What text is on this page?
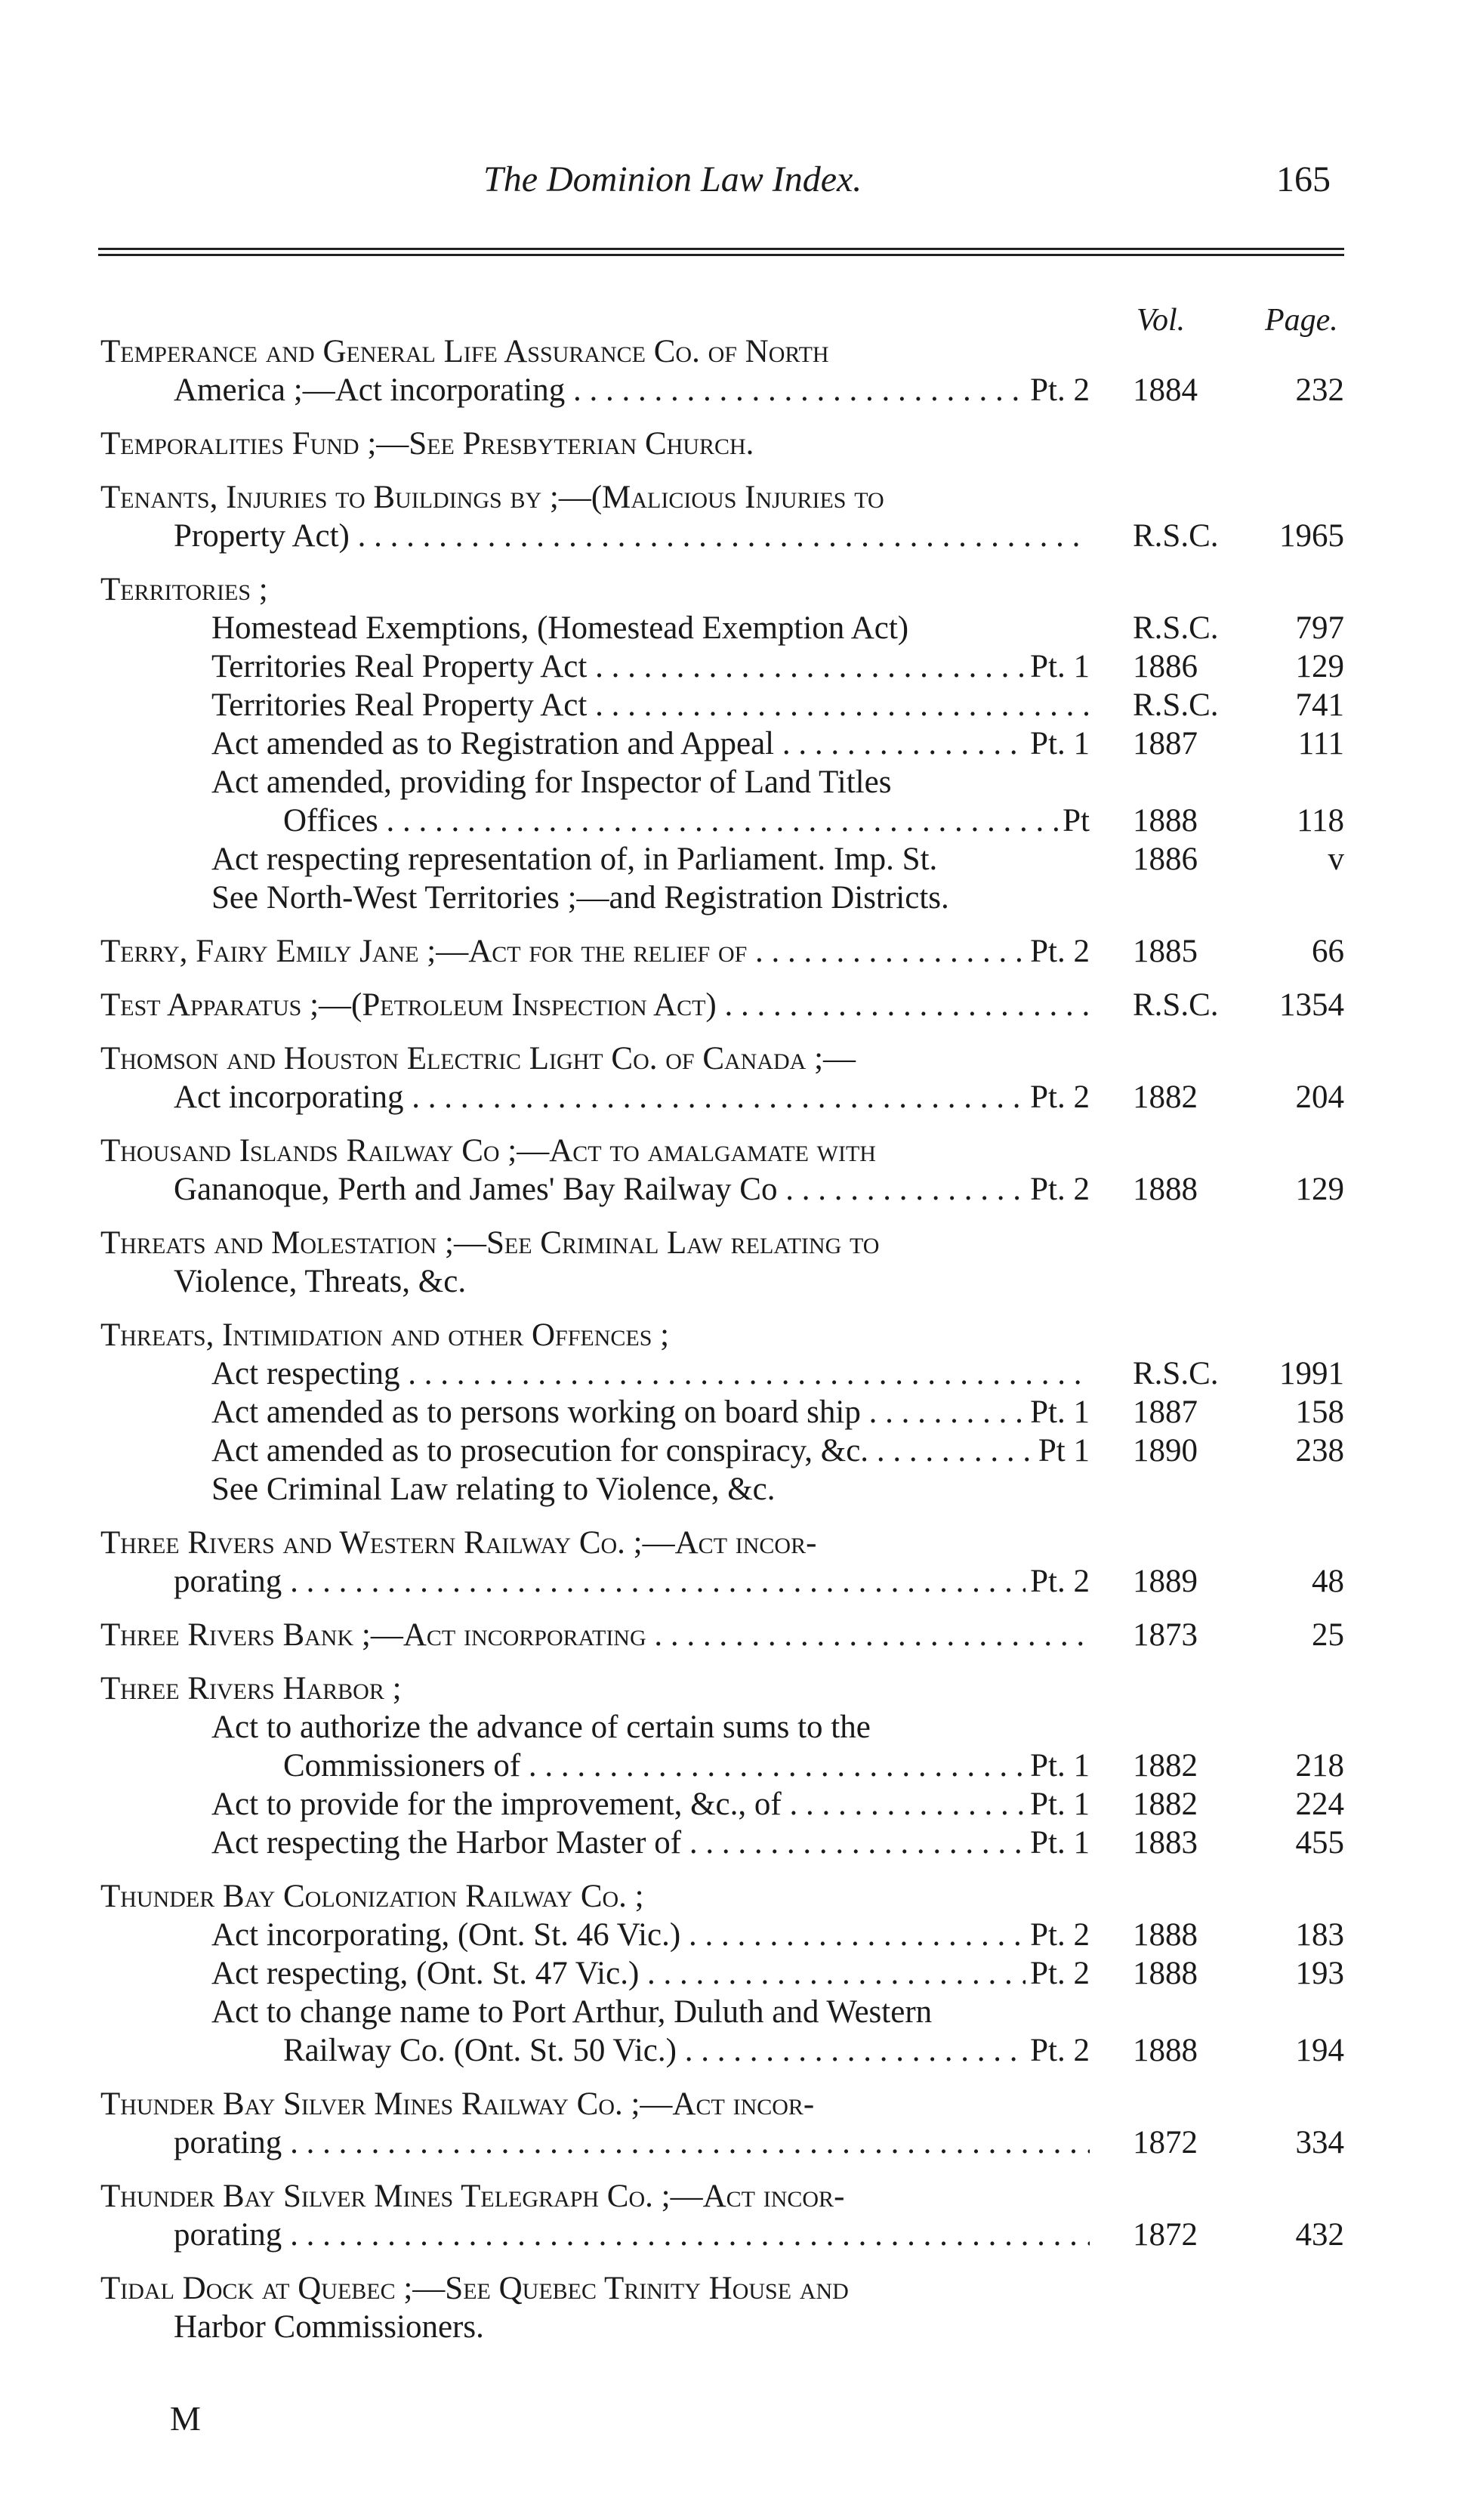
The Dominion Law Index.	165
Vol.	Page.
Temperance and General Life Assurance Co. of North
America ;—Act incorporating . . .	Pt. 2 1884	232
Temporalities Fund ;—See Presbyterian Church.
Tenants, Injuries to Buildings by ;—(Malicious Injuries to
Property Act) . . .	R.S.C.	1965
Territories ;
Homestead Exemptions, (Homestead Exemption Act)	R.S.C.	797
Territories Real Property Act . . .	Pt. 1 1886	129
Territories Real Property Act . . .	R.S.C.	741
Act amended as to Registration and Appeal . . .	Pt. 1 1887	111
Act amended, providing for Inspector of Land Titles
Offices . . .	Pt 1888	118
Act respecting representation of, in Parliament. Imp. St.	1886	v
See North-West Territories ;—and Registration Districts.
Terry, Fairy Emily Jane ;—Act for the relief of . . .	Pt. 2 1885	66
Test Apparatus ;—(Petroleum Inspection Act) . . .	R.S.C.	1354
Thomson and Houston Electric Light Co. of Canada ;—
Act incorporating . . .	Pt. 2 1882	204
Thousand Islands Railway Co ;—Act to amalgamate with
Gananoque, Perth and James' Bay Railway Co . . .	Pt. 2 1888	129
Threats and Molestation ;—See Criminal Law relating to
Violence, Threats, &c.
Threats, Intimidation and other Offences ;
Act respecting . . .	R.S.C.	1991
Act amended as to persons working on board ship . . .	Pt. 1 1887	158
Act amended as to prosecution for conspiracy, &c. . . .	Pt 1 1890	238
See Criminal Law relating to Violence, &c.
Three Rivers and Western Railway Co. ;—Act incor-
porating . . .	Pt. 2 1889	48
Three Rivers Bank ;—Act incorporating . . .	1873	25
Three Rivers Harbor ;
Act to authorize the advance of certain sums to the
Commissioners of . . .	Pt. 1 1882	218
Act to provide for the improvement, &c., of . . .	Pt. 1 1882	224
Act respecting the Harbor Master of . . .	Pt. 1 1883	455
Thunder Bay Colonization Railway Co. ;
Act incorporating, (Ont. St. 46 Vic.) . . .	Pt. 2 1888	183
Act respecting, (Ont. St. 47 Vic.) . . .	Pt. 2 1888	193
Act to change name to Port Arthur, Duluth and Western
Railway Co. (Ont. St. 50 Vic.) . . .	Pt. 2 1888	194
Thunder Bay Silver Mines Railway Co. ;—Act incor-
porating . . .	1872	334
Thunder Bay Silver Mines Telegraph Co. ;—Act incor-
porating . . .	1872	432
Tidal Dock at Quebec ;—See Quebec Trinity House and
Harbor Commissioners.
M
